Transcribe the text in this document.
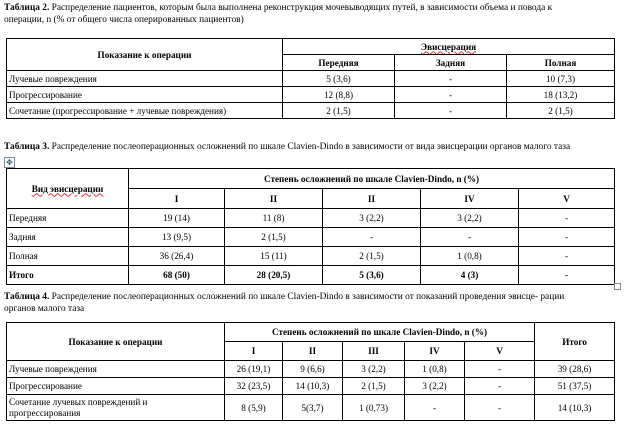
Таблица 2. Распределение пациентов, которым была выполнена реконструкция мочевыводящих путей, в зависимости объема и повода к
операции, n (% от общего числа оперированных пациентов)
Показание к операции	Эвисцерация		
	Передняя	Задняя	Полная
Лучевые повреждения	5 (3,6)	-	10 (7,3)
Прогрессирование	12 (8,8)	-	18 (13,2)
Сочетание (прогрессирование + лучевые повреждения)	2 (1,5)	-	2 (1,5)
Таблица 3. Распределение послеоперационных осложнений по шкале Clavien-Dindo в зависимости от вида эвисцерации органов малого таза
✥
Вид эвисцерации	Степень осложнений по шкале Clavien-Dindo, n (%)				
	I	II	II	IV	V
Передняя	19 (14)	11 (8)	3 (2,2)	3 (2,2)	-
Задняя	13 (9,5)	2 (1,5)	-	-	-
Полная	36 (26,4)	15 (11)	2 (1,5)	1 (0,8)	-
Итого	68 (50)	28 (20,5)	5 (3,6)	4 (3)	-
Таблица 4. Распределение послеоперационных осложнений по шкале Clavien-Dindo в зависимости от показаний проведения эвисце- рации
органов малого таза
Показание к операции	Степень осложнений по шкале Clavien-Dindo, n (%)					Итого
	I	II	III	IV	V	
Лучевые повреждения	26 (19,1)	9 (6,6)	3 (2,2)	1 (0,8)	-	39 (28,6)
Прогрессирование	32 (23,5)	14 (10,3)	2 (1,5)	3 (2,2)	-	51 (37,5)
Сочетание лучевых повреждений и
прогрессирования	8 (5,9)	5(3,7)	1 (0,73)	-	-	14 (10,3)
